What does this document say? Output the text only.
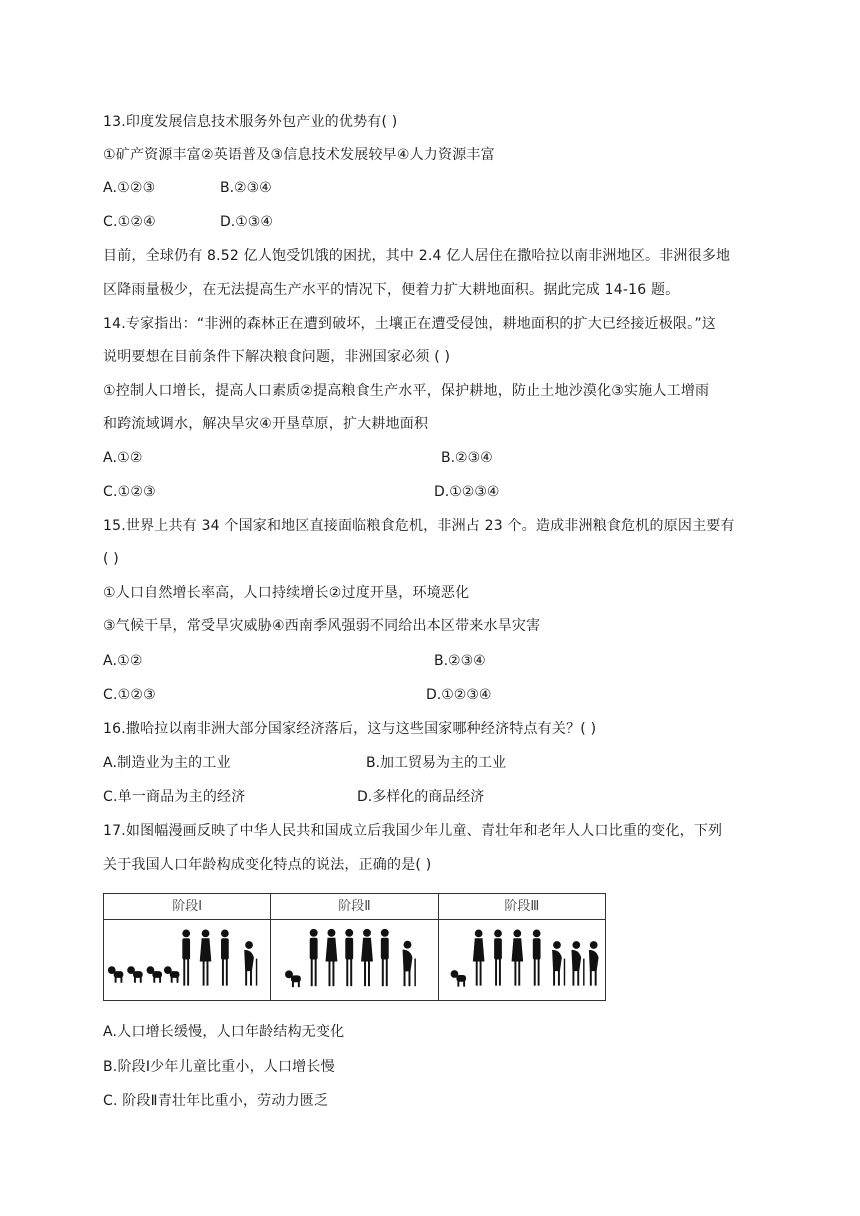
13.印度发展信息技术服务外包产业的优势有( )
①矿产资源丰富②英语普及③信息技术发展较早④人力资源丰富
A.①②③	B.②③④
C.①②④	D.①③④
目前，全球仍有 8.52 亿人饱受饥饿的困扰，其中 2.4 亿人居住在撒哈拉以南非洲地区。非洲很多地
区降雨量极少，在无法提高生产水平的情况下，便着力扩大耕地面积。据此完成 14-16 题。
14.专家指出：“非洲的森林正在遭到破坏，土壤正在遭受侵蚀，耕地面积的扩大已经接近极限。”这
说明要想在目前条件下解决粮食问题，非洲国家必须 ( )
①控制人口增长，提高人口素质②提高粮食生产水平，保护耕地，防止土地沙漠化③实施人工增雨
和跨流域调水，解决旱灾④开垦草原，扩大耕地面积
A.①②	B.②③④
C.①②③	D.①②③④
15.世界上共有 34 个国家和地区直接面临粮食危机，非洲占 23 个。造成非洲粮食危机的原因主要有
( )
①人口自然增长率高，人口持续增长②过度开垦，环境恶化
③气候干旱，常受旱灾威胁④西南季风强弱不同给出本区带来水旱灾害
A.①②	B.②③④
C.①②③	D.①②③④
16.撒哈拉以南非洲大部分国家经济落后，这与这些国家哪种经济特点有关？( )
A.制造业为主的工业	B.加工贸易为主的工业
C.单一商品为主的经济	D.多样化的商品经济
17.如图幅漫画反映了中华人民共和国成立后我国少年儿童、青壮年和老年人人口比重的变化，下列
关于我国人口年龄构成变化特点的说法，正确的是( )
阶段Ⅰ	阶段Ⅱ	阶段Ⅲ
A.人口增长缓慢，人口年龄结构无变化
B.阶段Ⅰ少年儿童比重小，人口增长慢
C. 阶段Ⅱ青壮年比重小，劳动力匮乏
